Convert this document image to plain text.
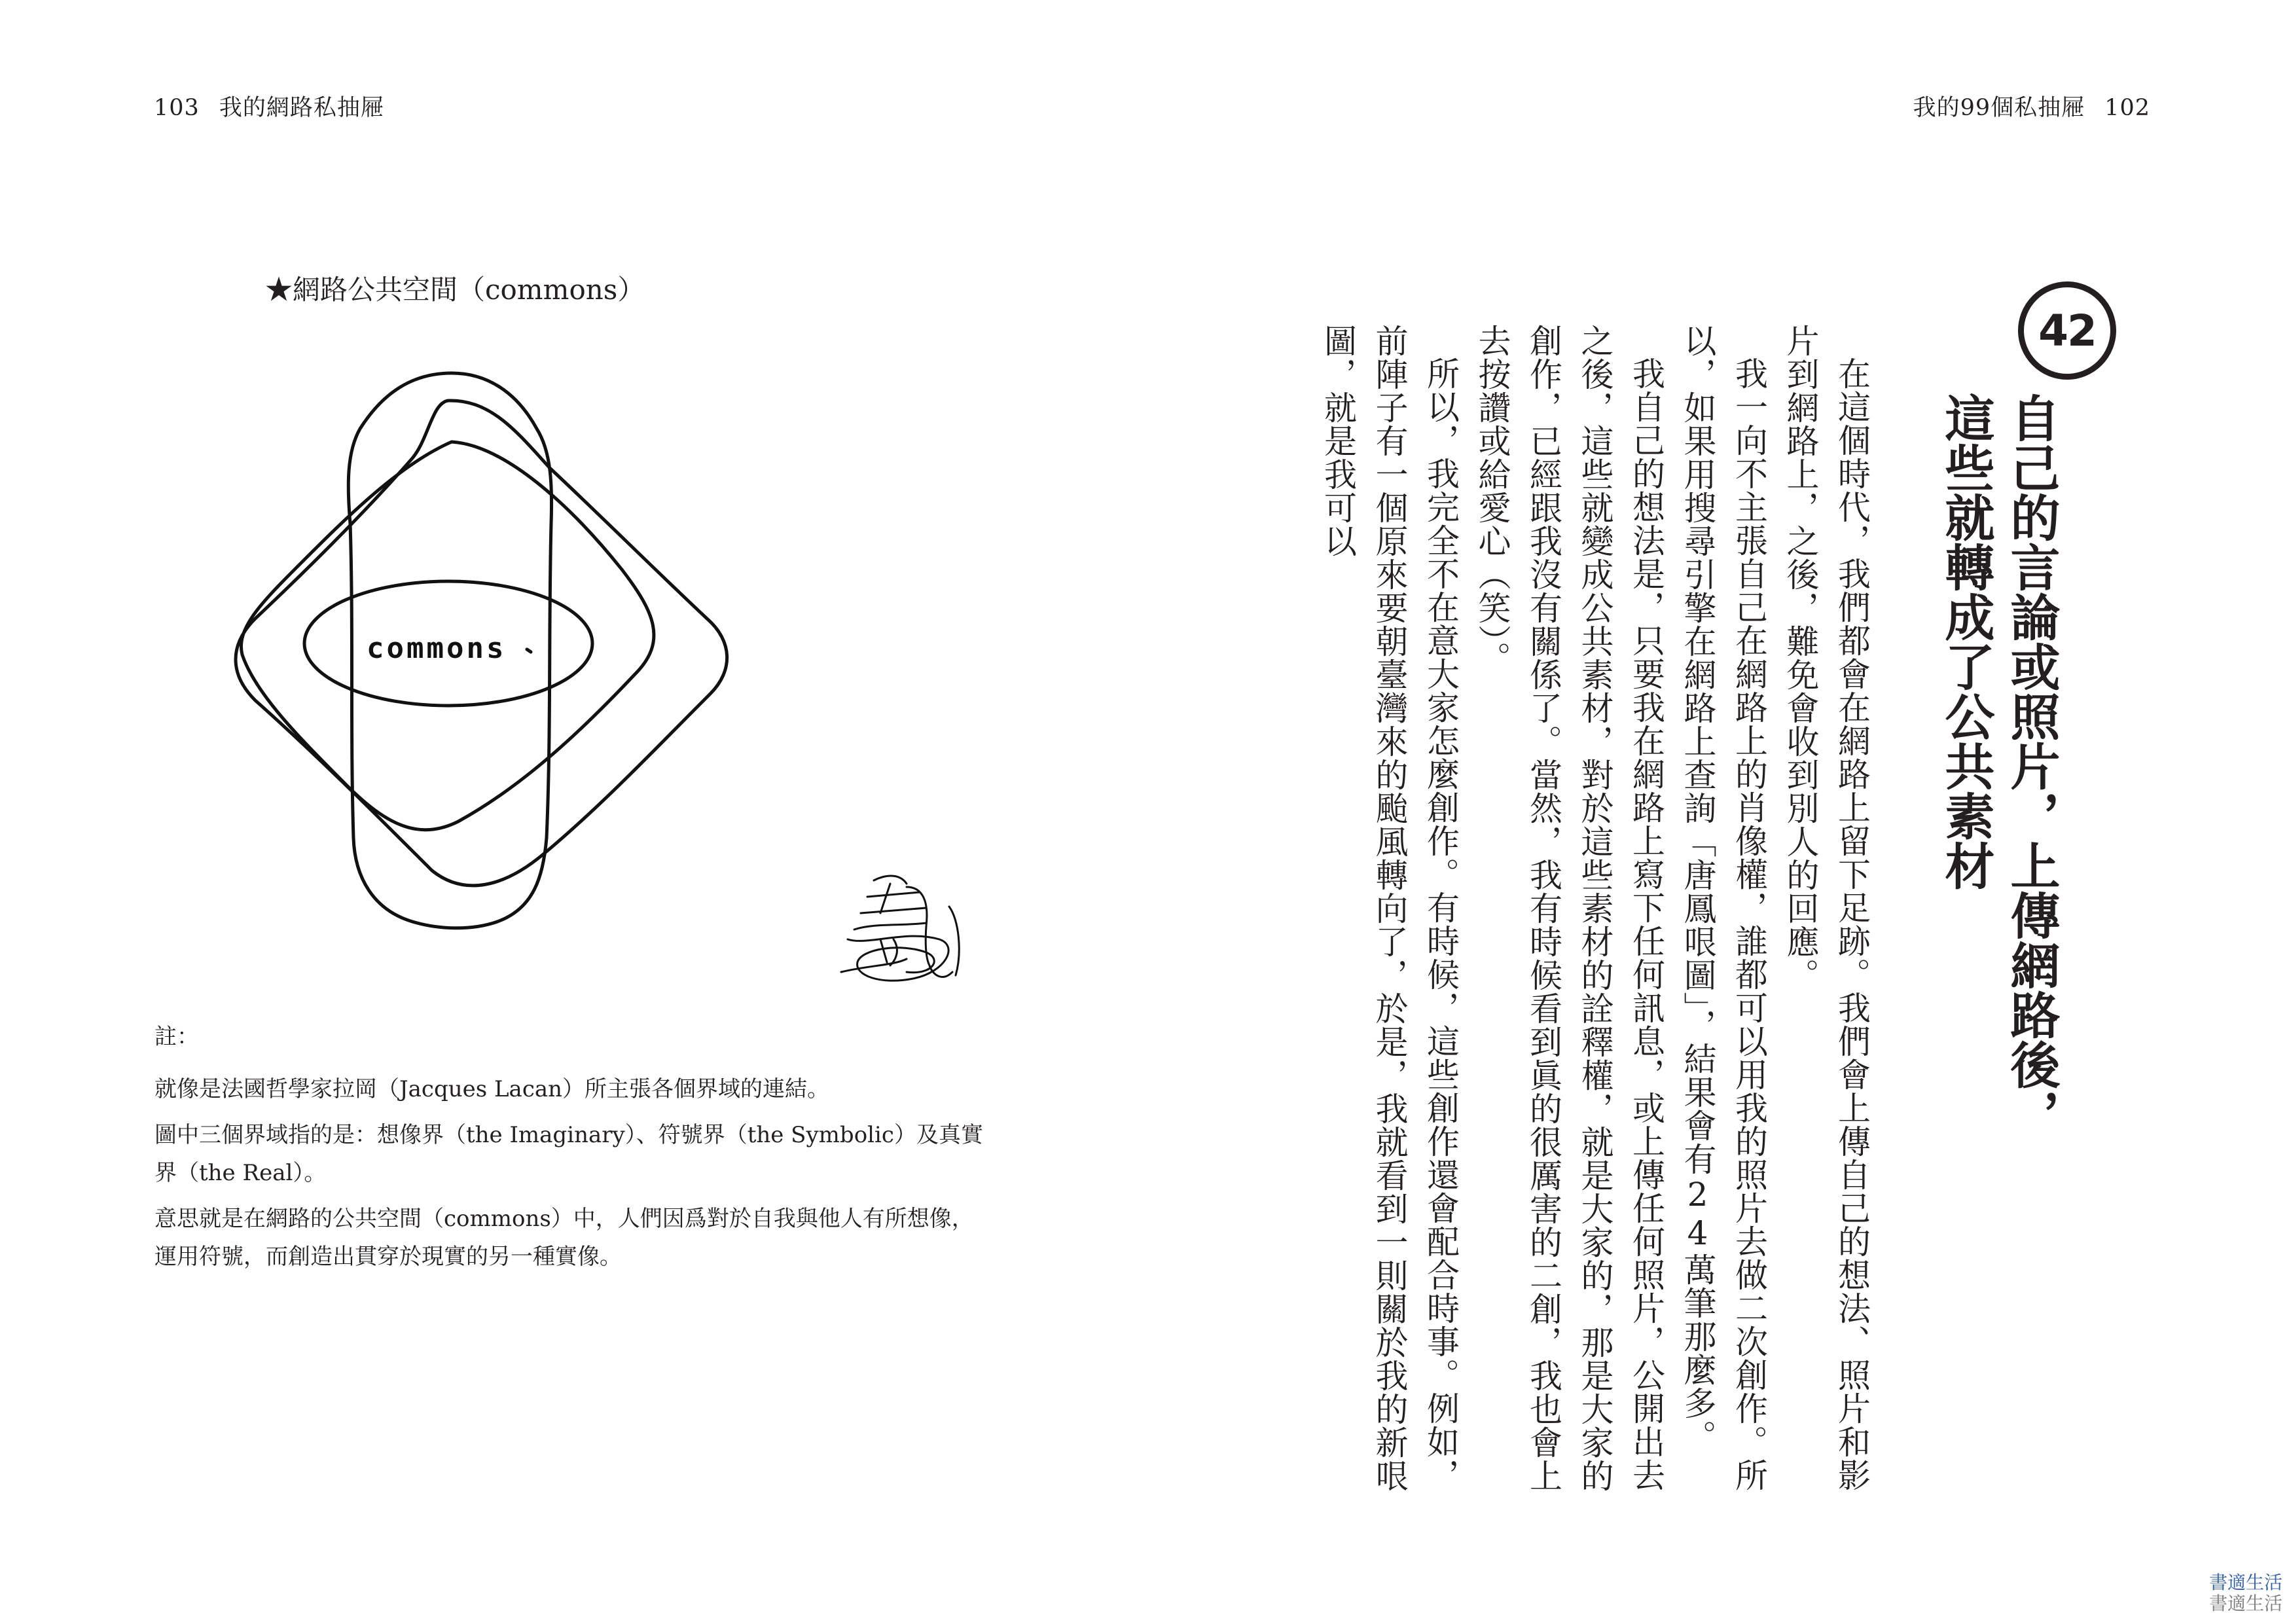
103 我的網路私抽屜
★網路公共空間（commons）
commons

註：

就像是法國哲學家拉岡（Jacques Lacan）所主張各個界域的連結。

圖中三個界域指的是：想像界（the Imaginary）、符號界（the Symbolic）及真實界（the Real）。

意思就是在網路的公共空間（commons）中，人們因爲對於自我與他人有所想像，運用符號，而創造出貫穿於現實的另一種實像。

我的99個私抽屜 102
42
自己的言論或照片，上傳網路後，
這些就轉成了公共素材

在這個時代，我們都會在網路上留下足跡。我們會上傳自己的想法、照片和影片到網路上，之後，難免會收到別人的回應。

我一向不主張自己在網路上的肖像權，誰都可以用我的照片去做二次創作。所以，如果用搜尋引擎在網路上查詢「唐鳳哏圖」，結果會有24萬筆那麼多。

我自己的想法是，只要我在網路上寫下任何訊息，或上傳任何照片，公開出去之後，這些就變成公共素材，對於這些素材的詮釋權，就是大家的，那是大家的創作，已經跟我沒有關係了。當然，我有時候看到眞的很厲害的二創，我也會上去按讚或給愛心（笑）。

所以，我完全不在意大家怎麼創作。有時候，這些創作還會配合時事。例如，前陣子有一個原來要朝臺灣來的颱風轉向了，於是，我就看到一則關於我的新哏圖，就是我可以

書適生活
書適生活
